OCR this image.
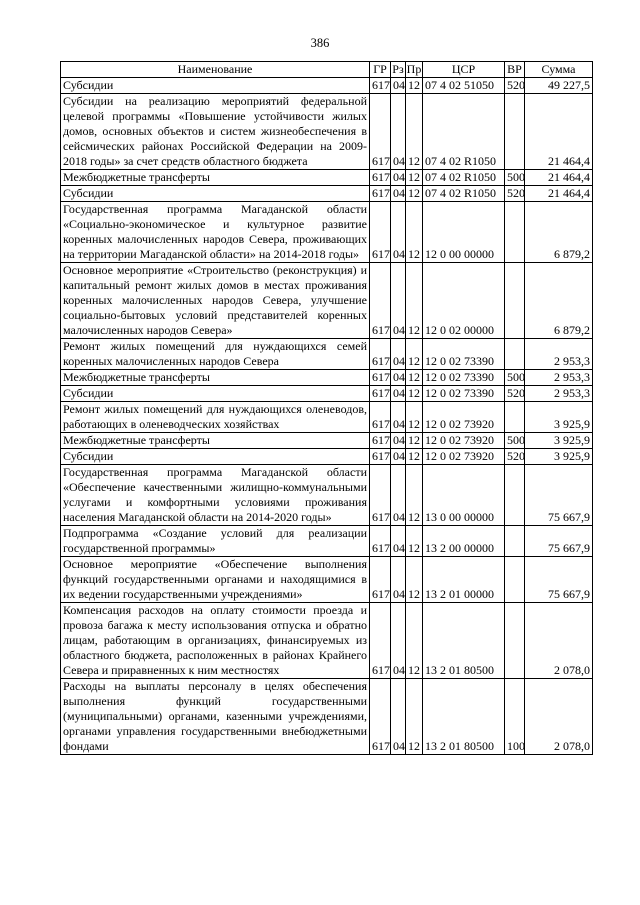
386
Наименование	ГР	Рз	Пр	ЦСР	ВР	Сумма
Субсидии	617	04	12	07 4 02 51050	520	49 227,5
Субсидии на реализацию мероприятий федеральной целевой программы «Повышение устойчивости жилых домов, основных объектов и систем жизнеобеспечения в сейсмических районах Российской Федерации на 2009-2018 годы» за счет средств областного бюджета	617	04	12	07 4 02 R1050		21 464,4
Межбюджетные трансферты	617	04	12	07 4 02 R1050	500	21 464,4
Субсидии	617	04	12	07 4 02 R1050	520	21 464,4
Государственная программа Магаданской области «Социально-экономическое и культурное развитие коренных малочисленных народов Севера, проживающих на территории Магаданской области» на 2014-2018 годы»	617	04	12	12 0 00 00000		6 879,2
Основное мероприятие «Строительство (реконструкция) и капитальный ремонт жилых домов в местах проживания коренных малочисленных народов Севера, улучшение социально-бытовых условий представителей коренных малочисленных народов Севера»	617	04	12	12 0 02 00000		6 879,2
Ремонт жилых помещений для нуждающихся семей коренных малочисленных народов Севера	617	04	12	12 0 02 73390		2 953,3
Межбюджетные трансферты	617	04	12	12 0 02 73390	500	2 953,3
Субсидии	617	04	12	12 0 02 73390	520	2 953,3
Ремонт жилых помещений для нуждающихся оленеводов, работающих в оленеводческих хозяйствах	617	04	12	12 0 02 73920		3 925,9
Межбюджетные трансферты	617	04	12	12 0 02 73920	500	3 925,9
Субсидии	617	04	12	12 0 02 73920	520	3 925,9
Государственная программа Магаданской области «Обеспечение качественными жилищно-коммунальными услугами и комфортными условиями проживания населения Магаданской области на 2014-2020 годы»	617	04	12	13 0 00 00000		75 667,9
Подпрограмма «Создание условий для реализации государственной программы»	617	04	12	13 2 00 00000		75 667,9
Основное мероприятие «Обеспечение выполнения функций государственными органами и находящимися в их ведении государственными учреждениями»	617	04	12	13 2 01 00000		75 667,9
Компенсация расходов на оплату стоимости проезда и провоза багажа к месту использования отпуска и обратно лицам, работающим в организациях, финансируемых из областного бюджета, расположенных в районах Крайнего Севера и приравненных к ним местностях	617	04	12	13 2 01 80500		2 078,0
Расходы на выплаты персоналу в целях обеспечения выполнения функций государственными (муниципальными) органами, казенными учреждениями, органами управления государственными внебюджетными фондами	617	04	12	13 2 01 80500	100	2 078,0
